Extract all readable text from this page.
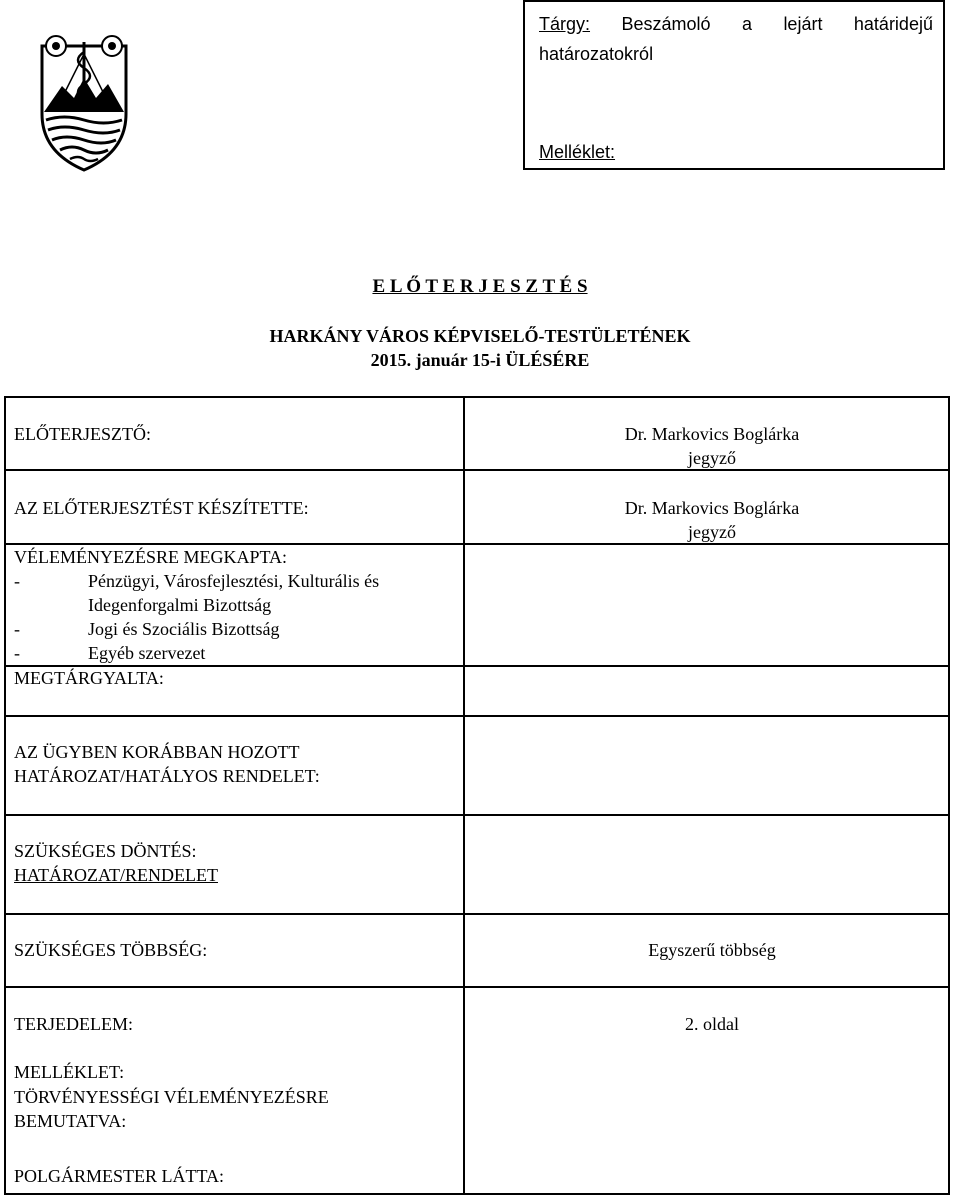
Tárgy: Beszámoló a lejárt határidejű
határozatokról
Melléklet:
E L Ő T E R J E S Z T É S
HARKÁNY VÁROS KÉPVISELŐ-TESTÜLETÉNEK
2015. január 15-i ÜLÉSÉRE
ELŐTERJESZTŐ:	Dr. Markovics Boglárka
jegyző
AZ ELŐTERJESZTÉST KÉSZÍTETTE:	Dr. Markovics Boglárka
jegyző
VÉLEMÉNYEZÉSRE MEGKAPTA:
-	Pénzügyi, Városfejlesztési, Kulturális és
Idegenforgalmi Bizottság
-	Jogi és Szociális Bizottság
-	Egyéb szervezet
MEGTÁRGYALTA:
AZ ÜGYBEN KORÁBBAN HOZOTT
HATÁROZAT/HATÁLYOS RENDELET:
SZÜKSÉGES DÖNTÉS:
HATÁROZAT/RENDELET
SZÜKSÉGES TÖBBSÉG:	Egyszerű többség
TERJEDELEM:	2. oldal
MELLÉKLET:
TÖRVÉNYESSÉGI VÉLEMÉNYEZÉSRE
BEMUTATVA:
POLGÁRMESTER LÁTTA:
